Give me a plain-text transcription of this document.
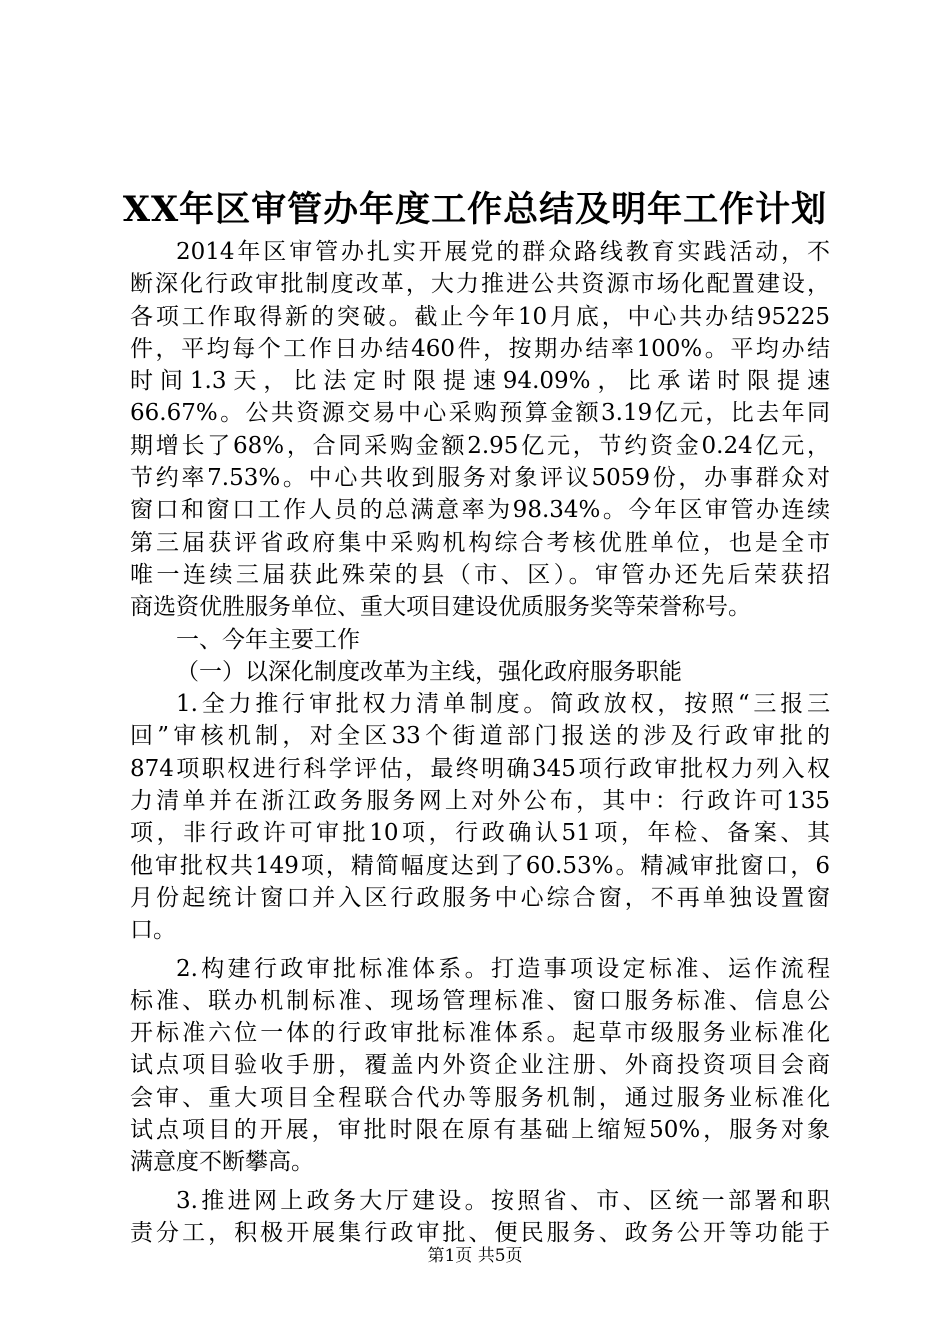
XX年区审管办年度工作总结及明年工作计划
2014年区审管办扎实开展党的群众路线教育实践活动，不
断深化行政审批制度改革，大力推进公共资源市场化配置建设，
各项工作取得新的突破。截止今年10月底，中心共办结95225
件，平均每个工作日办结460件，按期办结率100%。平均办结
时间1.3天，比法定时限提速94.09%，比承诺时限提速
66.67%。公共资源交易中心采购预算金额3.19亿元，比去年同
期增长了68%，合同采购金额2.95亿元，节约资金0.24亿元，
节约率7.53%。中心共收到服务对象评议5059份，办事群众对
窗口和窗口工作人员的总满意率为98.34%。今年区审管办连续
第三届获评省政府集中采购机构综合考核优胜单位，也是全市
唯一连续三届获此殊荣的县（市、区）。审管办还先后荣获招
商选资优胜服务单位、重大项目建设优质服务奖等荣誉称号。
一、今年主要工作
（一）以深化制度改革为主线，强化政府服务职能
1.全力推行审批权力清单制度。简政放权，按照“三报三
回”审核机制，对全区33个街道部门报送的涉及行政审批的
874项职权进行科学评估，最终明确345项行政审批权力列入权
力清单并在浙江政务服务网上对外公布，其中：行政许可135
项，非行政许可审批10项，行政确认51项，年检、备案、其
他审批权共149项，精简幅度达到了60.53%。精减审批窗口，6
月份起统计窗口并入区行政服务中心综合窗，不再单独设置窗
口。
2.构建行政审批标准体系。打造事项设定标准、运作流程
标准、联办机制标准、现场管理标准、窗口服务标准、信息公
开标准六位一体的行政审批标准体系。起草市级服务业标准化
试点项目验收手册，覆盖内外资企业注册、外商投资项目会商
会审、重大项目全程联合代办等服务机制，通过服务业标准化
试点项目的开展，审批时限在原有基础上缩短50%，服务对象
满意度不断攀高。
3.推进网上政务大厅建设。按照省、市、区统一部署和职
责分工，积极开展集行政审批、便民服务、政务公开等功能于
第1页 共5页
